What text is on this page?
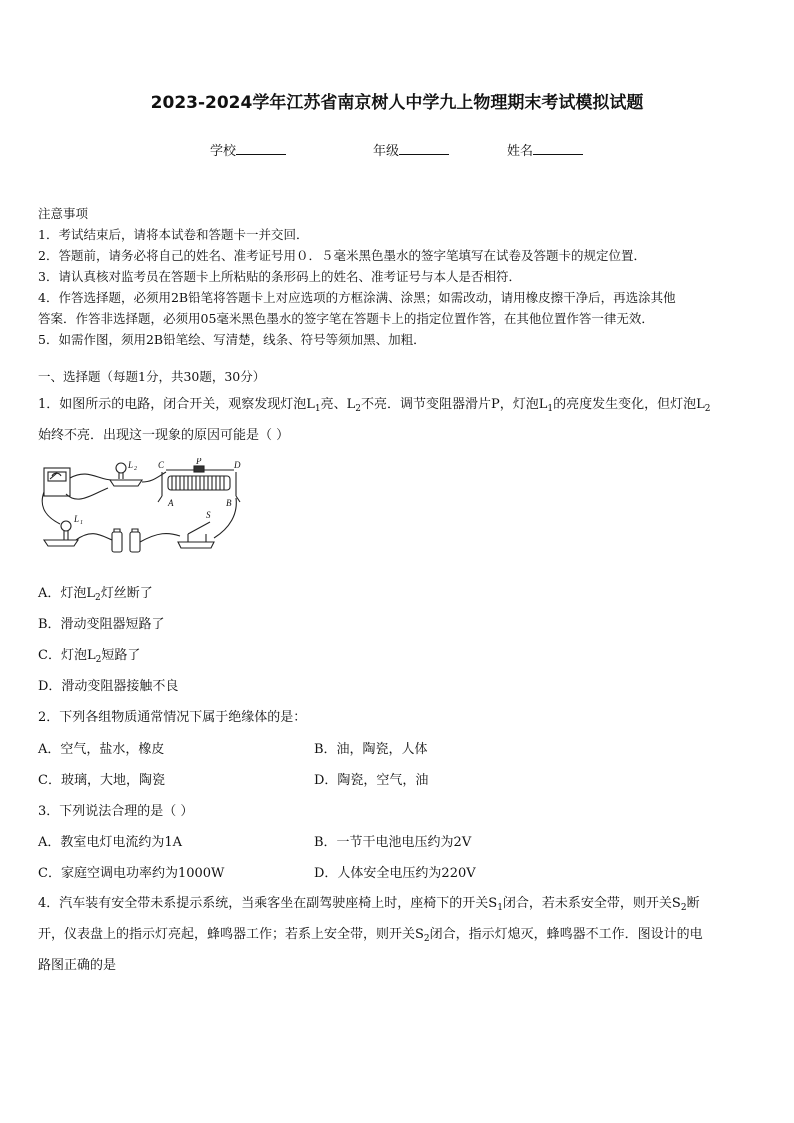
2023-2024学年江苏省南京树人中学九上物理期末考试模拟试题
学校	年级	姓名
注意事项
1．考试结束后，请将本试卷和答题卡一并交回．
2．答题前，请务必将自己的姓名、准考证号用０．５毫米黑色墨水的签字笔填写在试卷及答题卡的规定位置．
3．请认真核对监考员在答题卡上所粘贴的条形码上的姓名、准考证号与本人是否相符．
4．作答选择题，必须用2B铅笔将答题卡上对应选项的方框涂满、涂黑；如需改动，请用橡皮擦干净后，再选涂其他
答案．作答非选择题，必须用05毫米黑色墨水的签字笔在答题卡上的指定位置作答，在其他位置作答一律无效．
5．如需作图，须用2B铅笔绘、写清楚，线条、符号等须加黑、加粗．
一、选择题（每题1分，共30题，30分）
1．如图所示的电路，闭合开关，观察发现灯泡$L_1$亮、$L_2$不亮．调节变阻器滑片P，灯泡$L_1$的亮度发生变化，但灯泡$L_2$
始终不亮．出现这一现象的原因可能是（ ）
C	P	D
A	B
S
L 2
L 1
A．灯泡$L_2$灯丝断了
B．滑动变阻器短路了
C．灯泡$L_2$短路了
D．滑动变阻器接触不良
2．下列各组物质通常情况下属于绝缘体的是：
A．空气，盐水，橡皮	B．油，陶瓷，人体
C．玻璃，大地，陶瓷	D．陶瓷，空气，油
3．下列说法合理的是（ ）
A．教室电灯电流约为1A	B．一节干电池电压约为2V
C．家庭空调电功率约为1000W	D．人体安全电压约为220V
4．汽车装有安全带未系提示系统，当乘客坐在副驾驶座椅上时，座椅下的开关$S_1$闭合，若未系安全带，则开关$S_2$断
开，仪表盘上的指示灯亮起，蜂鸣器工作；若系上安全带，则开关$S_2$闭合，指示灯熄灭，蜂鸣器不工作．图设计的电
路图正确的是
